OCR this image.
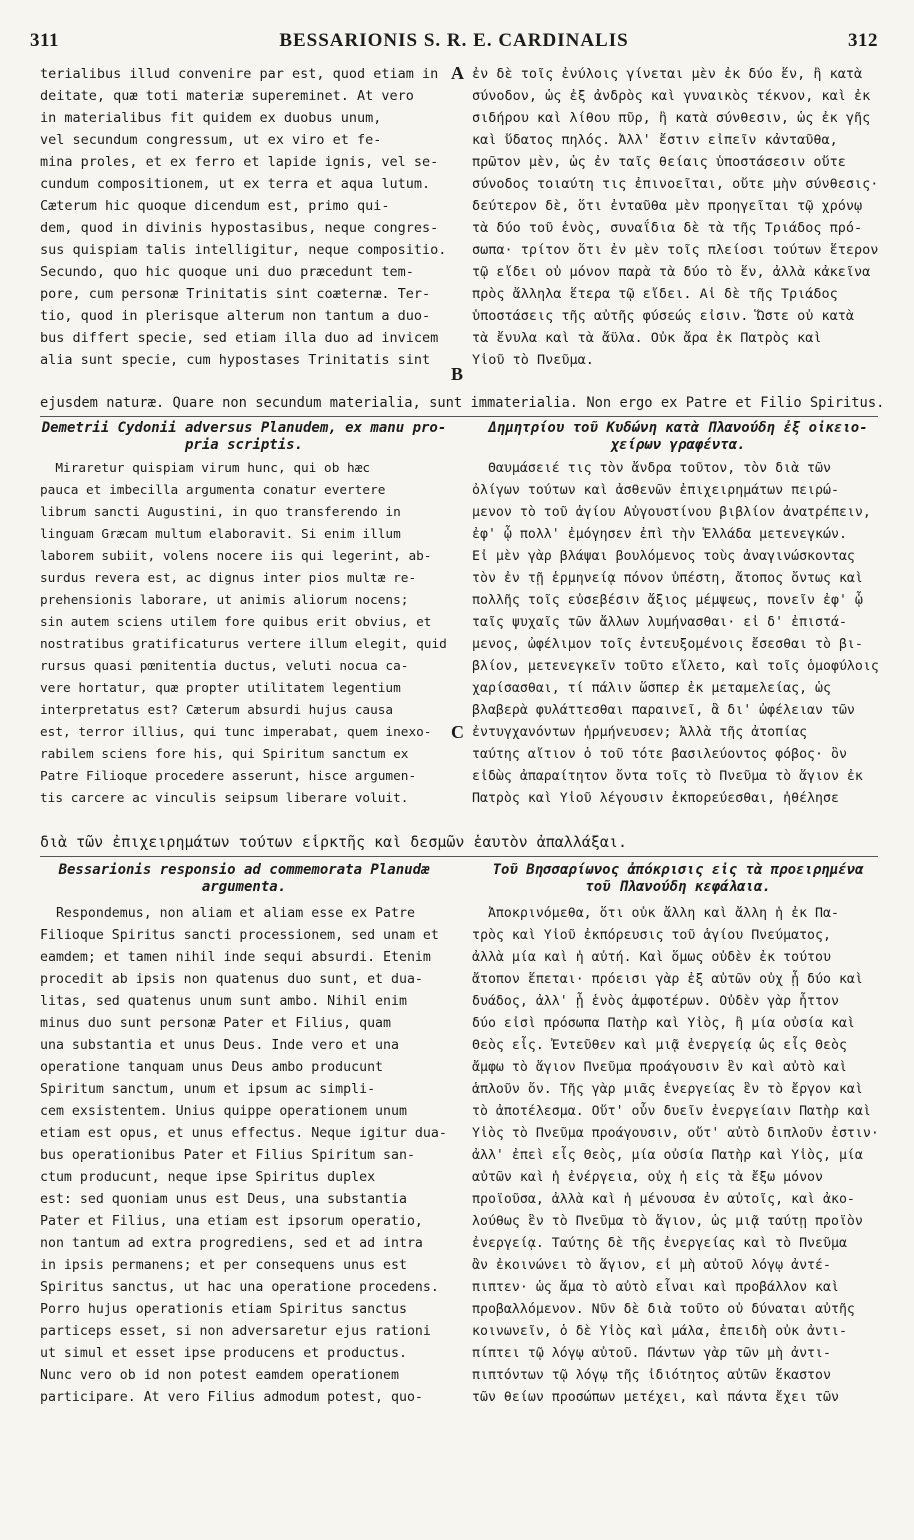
311	BESSARIONIS S. R. E. CARDINALIS	312
terialibus illud convenire par est, quod etiam in
deitate, quæ toti materiæ supereminet. At vero
in materialibus fit quidem ex duobus unum,
vel secundum congressum, ut ex viro et fe-
mina proles, et ex ferro et lapide ignis, vel se-
cundum compositionem, ut ex terra et aqua lutum.
Cæterum hic quoque dicendum est, primo qui-
dem, quod in divinis hypostasibus, neque congres-
sus quispiam talis intelligitur, neque compositio.
Secundo, quo hic quoque uni duo præcedunt tem-
pore, cum personæ Trinitatis sint coæternæ. Ter-
tio, quod in plerisque alterum non tantum a duo-
bus differt specie, sed etiam illa duo ad invicem
alia sunt specie, cum hypostases Trinitatis sint
ἐν δὲ τοῖς ἐνύλοις γίνεται μὲν ἐκ δύο ἕν, ἢ κατὰ
σύνοδον, ὡς ἐξ ἀνδρὸς καὶ γυναικὸς τέκνον, καὶ ἐκ
σιδήρου καὶ λίθου πῦρ, ἢ κατὰ σύνθεσιν, ὡς ἐκ γῆς
καὶ ὕδατος πηλός. Ἀλλ' ἔστιν εἰπεῖν κἀνταῦθα,
πρῶτον μὲν, ὡς ἐν ταῖς θείαις ὑποστάσεσιν οὔτε
σύνοδος τοιαύτη τις ἐπινοεῖται, οὔτε μὴν σύνθεσις·
δεύτερον δὲ, ὅτι ἐνταῦθα μὲν προηγεῖται τῷ χρόνῳ
τὰ δύο τοῦ ἑνὸς, συναΐδια δὲ τὰ τῆς Τριάδος πρό-
σωπα· τρίτον ὅτι ἐν μὲν τοῖς πλείοσι τούτων ἕτερον
τῷ εἴδει οὐ μόνον παρὰ τὰ δύο τὸ ἕν, ἀλλὰ κἀκεῖνα
πρὸς ἄλληλα ἕτερα τῷ εἴδει. Αἱ δὲ τῆς Τριάδος
ὑποστάσεις τῆς αὐτῆς φύσεώς εἰσιν. Ὥστε οὐ κατὰ
τὰ ἔνυλα καὶ τὰ ἄϋλα. Οὐκ ἄρα ἐκ Πατρὸς καὶ
Υἱοῦ τὸ Πνεῦμα.
ejusdem naturæ. Quare non secundum materialia, sunt immaterialia. Non ergo ex Patre et Filio Spiritus.
A
B
Demetrii Cydonii adversus Planudem, ex manu pro-
pria scriptis.
Δημητρίου τοῦ Κυδώνη κατὰ Πλανούδη ἐξ οἰκειο-
χείρων γραφέντα.
Miraretur quispiam virum hunc, qui ob hæc
pauca et imbecilla argumenta conatur evertere
librum sancti Augustini, in quo transferendo in
linguam Græcam multum elaboravit. Si enim illum
laborem subiit, volens nocere iis qui legerint, ab-
surdus revera est, ac dignus inter pios multæ re-
prehensionis laborare, ut animis aliorum nocens;
sin autem sciens utilem fore quibus erit obvius, et
nostratibus gratificaturus vertere illum elegit, quid
rursus quasi pœnitentia ductus, veluti nocua ca-
vere hortatur, quæ propter utilitatem legentium
interpretatus est? Cæterum absurdi hujus causa
est, terror illius, qui tunc imperabat, quem inexo-
rabilem sciens fore his, qui Spiritum sanctum ex
Patre Filioque procedere asserunt, hisce argumen-
tis carcere ac vinculis seipsum liberare voluit.
Θαυμάσειέ τις τὸν ἄνδρα τοῦτον, τὸν διὰ τῶν
ὀλίγων τούτων καὶ ἀσθενῶν ἐπιχειρημάτων πειρώ-
μενον τὸ τοῦ ἁγίου Αὐγουστίνου βιβλίον ἀνατρέπειν,
ἐφ' ᾧ πολλ' ἐμόγησεν ἐπὶ τὴν Ἑλλάδα μετενεγκών.
Εἰ μὲν γὰρ βλάψαι βουλόμενος τοὺς ἀναγινώσκοντας
τὸν ἐν τῇ ἑρμηνείᾳ πόνον ὑπέστη, ἄτοπος ὄντως καὶ
πολλῆς τοῖς εὐσεβέσιν ἄξιος μέμψεως, πονεῖν ἐφ' ᾧ
ταῖς ψυχαῖς τῶν ἄλλων λυμήνασθαι· εἰ δ' ἐπιστά-
μενος, ὠφέλιμον τοῖς ἐντευξομένοις ἔσεσθαι τὸ βι-
βλίον, μετενεγκεῖν τοῦτο εἵλετο, καὶ τοῖς ὁμοφύλοις
χαρίσασθαι, τί πάλιν ὥσπερ ἐκ μεταμελείας, ὡς
βλαβερὰ φυλάττεσθαι παραινεῖ, ἃ δι' ὠφέλειαν τῶν
ἐντυγχανόντων ἡρμήνευσεν; Ἀλλὰ τῆς ἀτοπίας
ταύτης αἴτιον ὁ τοῦ τότε βασιλεύοντος φόβος· ὃν
εἰδὼς ἀπαραίτητον ὄντα τοῖς τὸ Πνεῦμα τὸ ἅγιον ἐκ
Πατρὸς καὶ Υἱοῦ λέγουσιν ἐκπορεύεσθαι, ἠθέλησε
C
διὰ τῶν ἐπιχειρημάτων τούτων εἱρκτῆς καὶ δεσμῶν ἑαυτὸν ἀπαλλάξαι.
Bessarionis responsio ad commemorata Planudæ
argumenta.
Τοῦ Βησσαρίωνος ἀπόκρισις εἰς τὰ προειρημένα
τοῦ Πλανούδη κεφάλαια.
Respondemus, non aliam et aliam esse ex Patre
Filioque Spiritus sancti processionem, sed unam et
eamdem; et tamen nihil inde sequi absurdi. Etenim
procedit ab ipsis non quatenus duo sunt, et dua-
litas, sed quatenus unum sunt ambo. Nihil enim
minus duo sunt personæ Pater et Filius, quam
una substantia et unus Deus. Inde vero et una
operatione tanquam unus Deus ambo producunt
Spiritum sanctum, unum et ipsum ac simpli-
cem exsistentem. Unius quippe operationem unum
etiam est opus, et unus effectus. Neque igitur dua-
bus operationibus Pater et Filius Spiritum san-
ctum producunt, neque ipse Spiritus duplex
est: sed quoniam unus est Deus, una substantia
Pater et Filius, una etiam est ipsorum operatio,
non tantum ad extra progrediens, sed et ad intra
in ipsis permanens; et per consequens unus est
Spiritus sanctus, ut hac una operatione procedens.
Porro hujus operationis etiam Spiritus sanctus
particeps esset, si non adversaretur ejus rationi
ut simul et esset ipse producens et productus.
Nunc vero ob id non potest eamdem operationem
participare. At vero Filius admodum potest, quo-
Ἀποκρινόμεθα, ὅτι οὐκ ἄλλη καὶ ἄλλη ἡ ἐκ Πα-
τρὸς καὶ Υἱοῦ ἐκπόρευσις τοῦ ἁγίου Πνεύματος,
ἀλλὰ μία καὶ ἡ αὐτή. Καὶ ὅμως οὐδὲν ἐκ τούτου
ἄτοπον ἕπεται· πρόεισι γὰρ ἐξ αὐτῶν οὐχ ᾗ δύο καὶ
δυάδος, ἀλλ' ᾗ ἑνὸς ἀμφοτέρων. Οὐδὲν γὰρ ἧττον
δύο εἰσὶ πρόσωπα Πατὴρ καὶ Υἱὸς, ἢ μία οὐσία καὶ
Θεὸς εἷς. Ἐντεῦθεν καὶ μιᾷ ἐνεργείᾳ ὡς εἷς Θεὸς
ἄμφω τὸ ἅγιον Πνεῦμα προάγουσιν ἓν καὶ αὐτὸ καὶ
ἁπλοῦν ὄν. Τῆς γὰρ μιᾶς ἐνεργείας ἓν τὸ ἔργον καὶ
τὸ ἀποτέλεσμα. Οὔτ' οὖν δυεῖν ἐνεργείαιν Πατὴρ καὶ
Υἱὸς τὸ Πνεῦμα προάγουσιν, οὔτ' αὐτὸ διπλοῦν ἐστιν·
ἀλλ' ἐπεὶ εἷς Θεὸς, μία οὐσία Πατὴρ καὶ Υἱὸς, μία
αὐτῶν καὶ ἡ ἐνέργεια, οὐχ ἡ εἰς τὰ ἔξω μόνον
προϊοῦσα, ἀλλὰ καὶ ἡ μένουσα ἐν αὐτοῖς, καὶ ἀκο-
λούθως ἓν τὸ Πνεῦμα τὸ ἅγιον, ὡς μιᾷ ταύτῃ προϊὸν
ἐνεργείᾳ. Ταύτης δὲ τῆς ἐνεργείας καὶ τὸ Πνεῦμα
ἂν ἐκοινώνει τὸ ἅγιον, εἰ μὴ αὐτοῦ λόγῳ ἀντέ-
πιπτεν· ὡς ἅμα τὸ αὐτὸ εἶναι καὶ προβάλλον καὶ
προβαλλόμενον. Νῦν δὲ διὰ τοῦτο οὐ δύναται αὐτῆς
κοινωνεῖν, ὁ δὲ Υἱὸς καὶ μάλα, ἐπειδὴ οὐκ ἀντι-
πίπτει τῷ λόγῳ αὐτοῦ. Πάντων γὰρ τῶν μὴ ἀντι-
πιπτόντων τῷ λόγῳ τῆς ἰδιότητος αὐτῶν ἕκαστον
τῶν θείων προσώπων μετέχει, καὶ πάντα ἔχει τῶν
